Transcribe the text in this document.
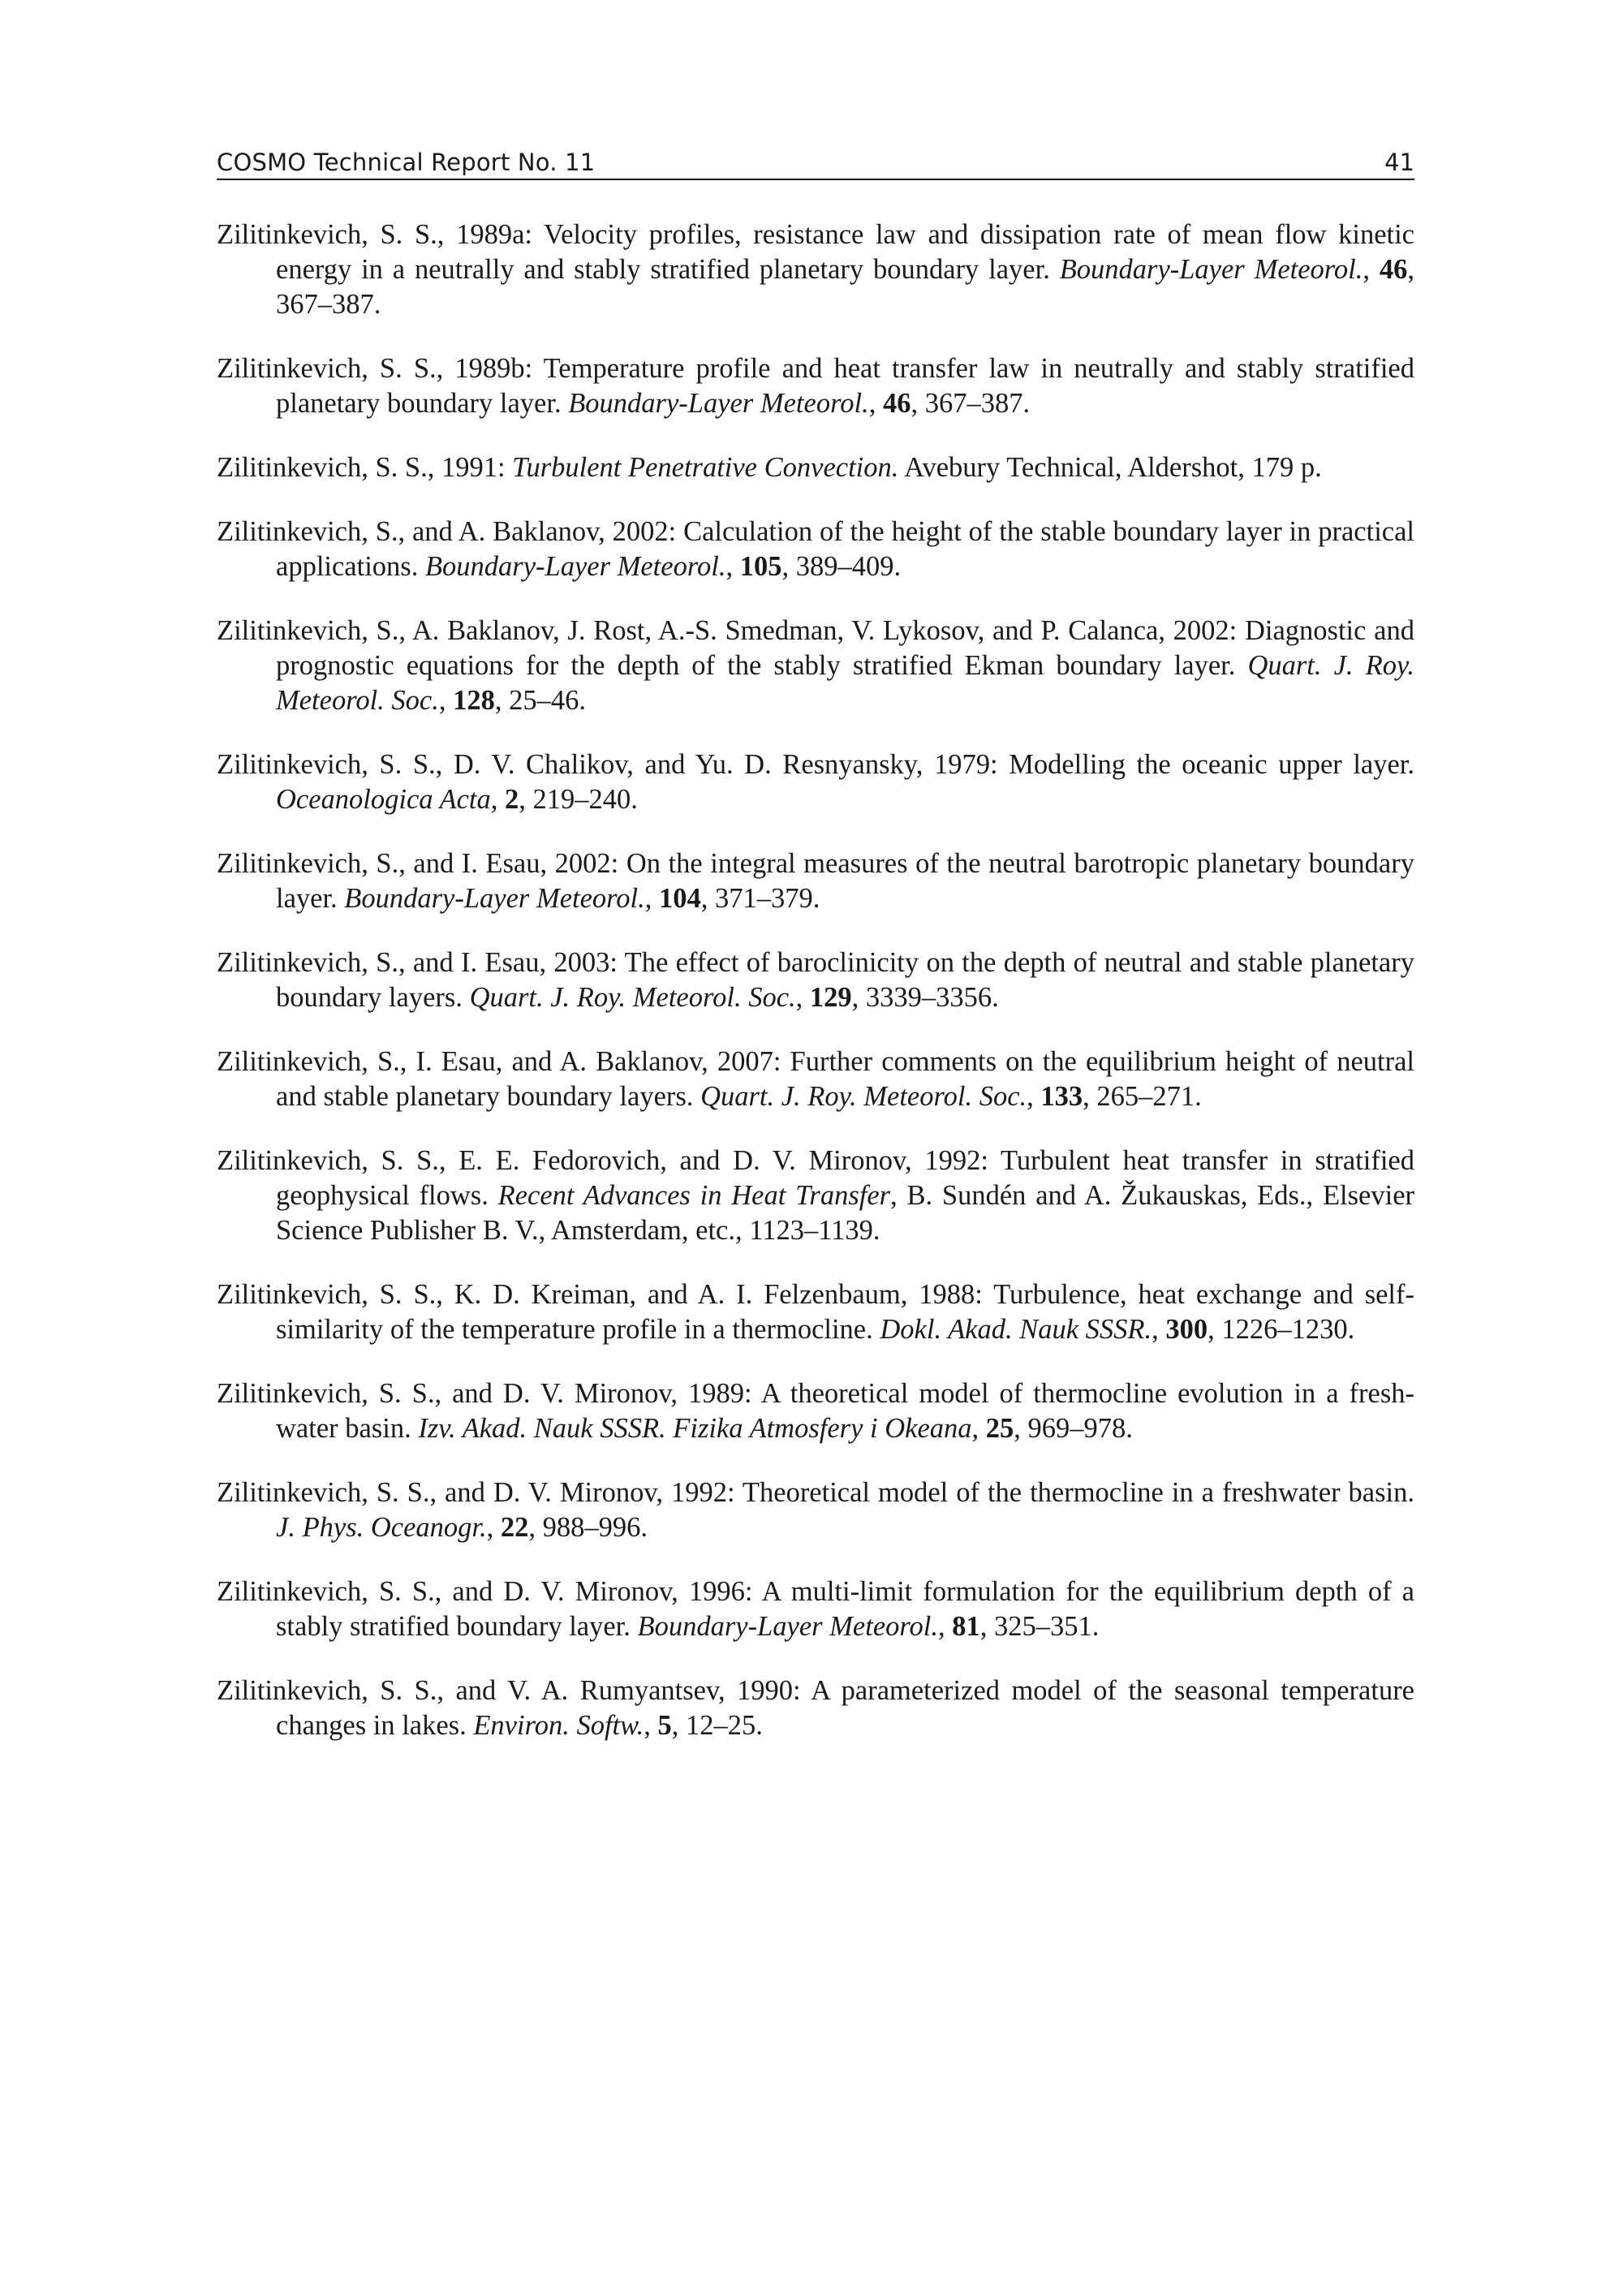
COSMO Technical Report No. 11	41
Zilitinkevich, S. S., 1989a: Velocity profiles, resistance law and dissipation rate of mean flow kinetic energy in a neutrally and stably stratified planetary boundary layer. Boundary-Layer Meteorol., 46, 367–387.
Zilitinkevich, S. S., 1989b: Temperature profile and heat transfer law in neutrally and stably stratified planetary boundary layer. Boundary-Layer Meteorol., 46, 367–387.
Zilitinkevich, S. S., 1991: Turbulent Penetrative Convection. Avebury Technical, Aldershot, 179 p.
Zilitinkevich, S., and A. Baklanov, 2002: Calculation of the height of the stable boundary layer in practical applications. Boundary-Layer Meteorol., 105, 389–409.
Zilitinkevich, S., A. Baklanov, J. Rost, A.-S. Smedman, V. Lykosov, and P. Calanca, 2002: Diagnostic and prognostic equations for the depth of the stably stratified Ekman boundary layer. Quart. J. Roy. Meteorol. Soc., 128, 25–46.
Zilitinkevich, S. S., D. V. Chalikov, and Yu. D. Resnyansky, 1979: Modelling the oceanic upper layer. Oceanologica Acta, 2, 219–240.
Zilitinkevich, S., and I. Esau, 2002: On the integral measures of the neutral barotropic planetary boundary layer. Boundary-Layer Meteorol., 104, 371–379.
Zilitinkevich, S., and I. Esau, 2003: The effect of baroclinicity on the depth of neutral and stable planetary boundary layers. Quart. J. Roy. Meteorol. Soc., 129, 3339–3356.
Zilitinkevich, S., I. Esau, and A. Baklanov, 2007: Further comments on the equilibrium height of neutral and stable planetary boundary layers. Quart. J. Roy. Meteorol. Soc., 133, 265–271.
Zilitinkevich, S. S., E. E. Fedorovich, and D. V. Mironov, 1992: Turbulent heat transfer in stratified geophysical flows. Recent Advances in Heat Transfer, B. Sundén and A. Žukauskas, Eds., Elsevier Science Publisher B. V., Amsterdam, etc., 1123–1139.
Zilitinkevich, S. S., K. D. Kreiman, and A. I. Felzenbaum, 1988: Turbulence, heat exchange and self-similarity of the temperature profile in a thermocline. Dokl. Akad. Nauk SSSR., 300, 1226–1230.
Zilitinkevich, S. S., and D. V. Mironov, 1989: A theoretical model of thermocline evolution in a fresh-water basin. Izv. Akad. Nauk SSSR. Fizika Atmosfery i Okeana, 25, 969–978.
Zilitinkevich, S. S., and D. V. Mironov, 1992: Theoretical model of the thermocline in a freshwater basin. J. Phys. Oceanogr., 22, 988–996.
Zilitinkevich, S. S., and D. V. Mironov, 1996: A multi-limit formulation for the equilibrium depth of a stably stratified boundary layer. Boundary-Layer Meteorol., 81, 325–351.
Zilitinkevich, S. S., and V. A. Rumyantsev, 1990: A parameterized model of the seasonal temperature changes in lakes. Environ. Softw., 5, 12–25.
